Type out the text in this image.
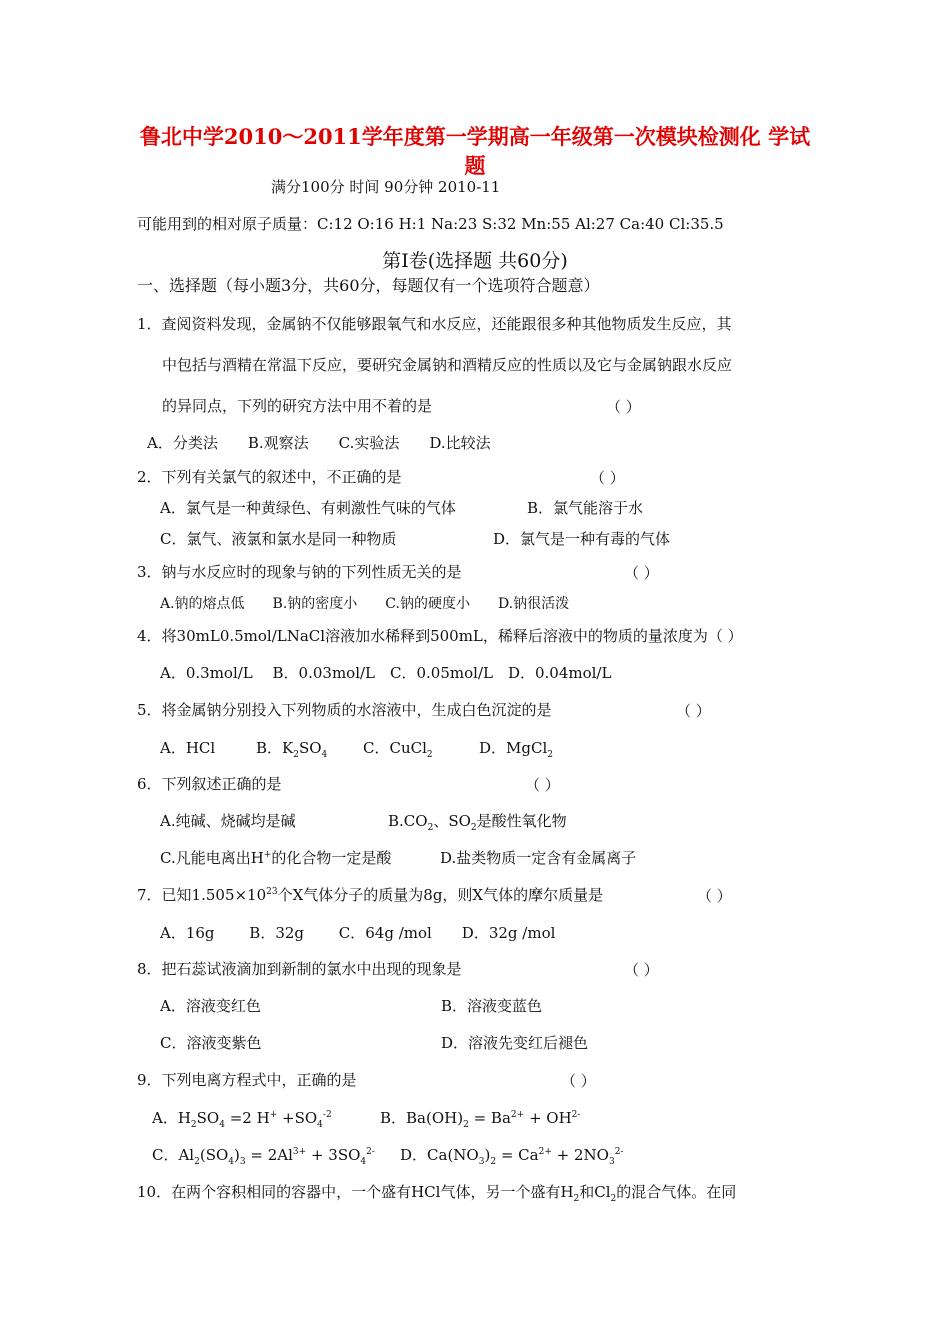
鲁北中学2010～2011学年度第一学期高一年级第一次模块检测化 学试 题
满分100分 时间 90分钟 2010-11
可能用到的相对原子质量：C:12 O:16 H:1 Na:23 S:32 Mn:55 Al:27 Ca:40 Cl:35.5
第Ⅰ卷(选择题 共60分)
一、选择题（每小题3分，共60分，每题仅有一个选项符合题意）
1．查阅资料发现，金属钠不仅能够跟氧气和水反应，还能跟很多种其他物质发生反应，其
中包括与酒精在常温下反应，要研究金属钠和酒精反应的性质以及它与金属钠跟水反应
的异同点，下列的研究方法中用不着的是	（ ）
A．分类法　　B.观察法　　C.实验法　　D.比较法
2．下列有关氯气的叙述中，不正确的是	（ ）
A．氯气是一种黄绿色、有刺激性气味的气体	B．氯气能溶于水
C．氯气、液氯和氯水是同一种物质	D．氯气是一种有毒的气体
3．钠与水反应时的现象与钠的下列性质无关的是	（ ）
A.钠的熔点低　　B.钠的密度小　　C.钠的硬度小　　D.钠很活泼
4．将30mL0.5mol/LNaCl溶液加水稀释到500mL，稀释后溶液中的物质的量浓度为（ ）
A．0.3mol/L　 B．0.03mol/L　C．0.05mol/L　D．0.04mol/L
5．将金属钠分别投入下列物质的水溶液中，生成白色沉淀的是	（ ）
A．HCl	B．$K_2SO_4$ C．CuCl$_2$	D．MgCl$_2$
6．下列叙述正确的是	（ ）
A.纯碱、烧碱均是碱	$B.CO_2$、$SO_2$是酸性氧化物
C.凡能电离出H+的化合物一定是酸	D.盐类物质一定含有金属离子
7．已知$1.505\times 10^{23}$个X气体分子的质量为8g，则X气体的摩尔质量是	（ ）
A．16g　　 B．32g　　 C．64g /mol　　D．32g /mol
8．把石蕊试液滴加到新制的氯水中出现的现象是	（ ）
A．溶液变红色	B．溶液变蓝色
C．溶液变紫色	D．溶液先变红后褪色
9．下列电离方程式中，正确的是	（ ）
A．$H_2SO_4 =2$ $H^+ +SO_4^{-2}$	B．$Ba(OH)_2 = Ba^{2+} + OH^{2-}$
C．$Al_2(SO_4)_3 = 2Al^{3+} + 3SO_4^{2-}$ D．$Ca(NO_3)_2 = Ca^{2+} + 2NO_3^{2-}$
10．在两个容积相同的容器中，一个盛有HCl气体，另一个盛有$H_2$和$Cl_2$的混合气体。在同
